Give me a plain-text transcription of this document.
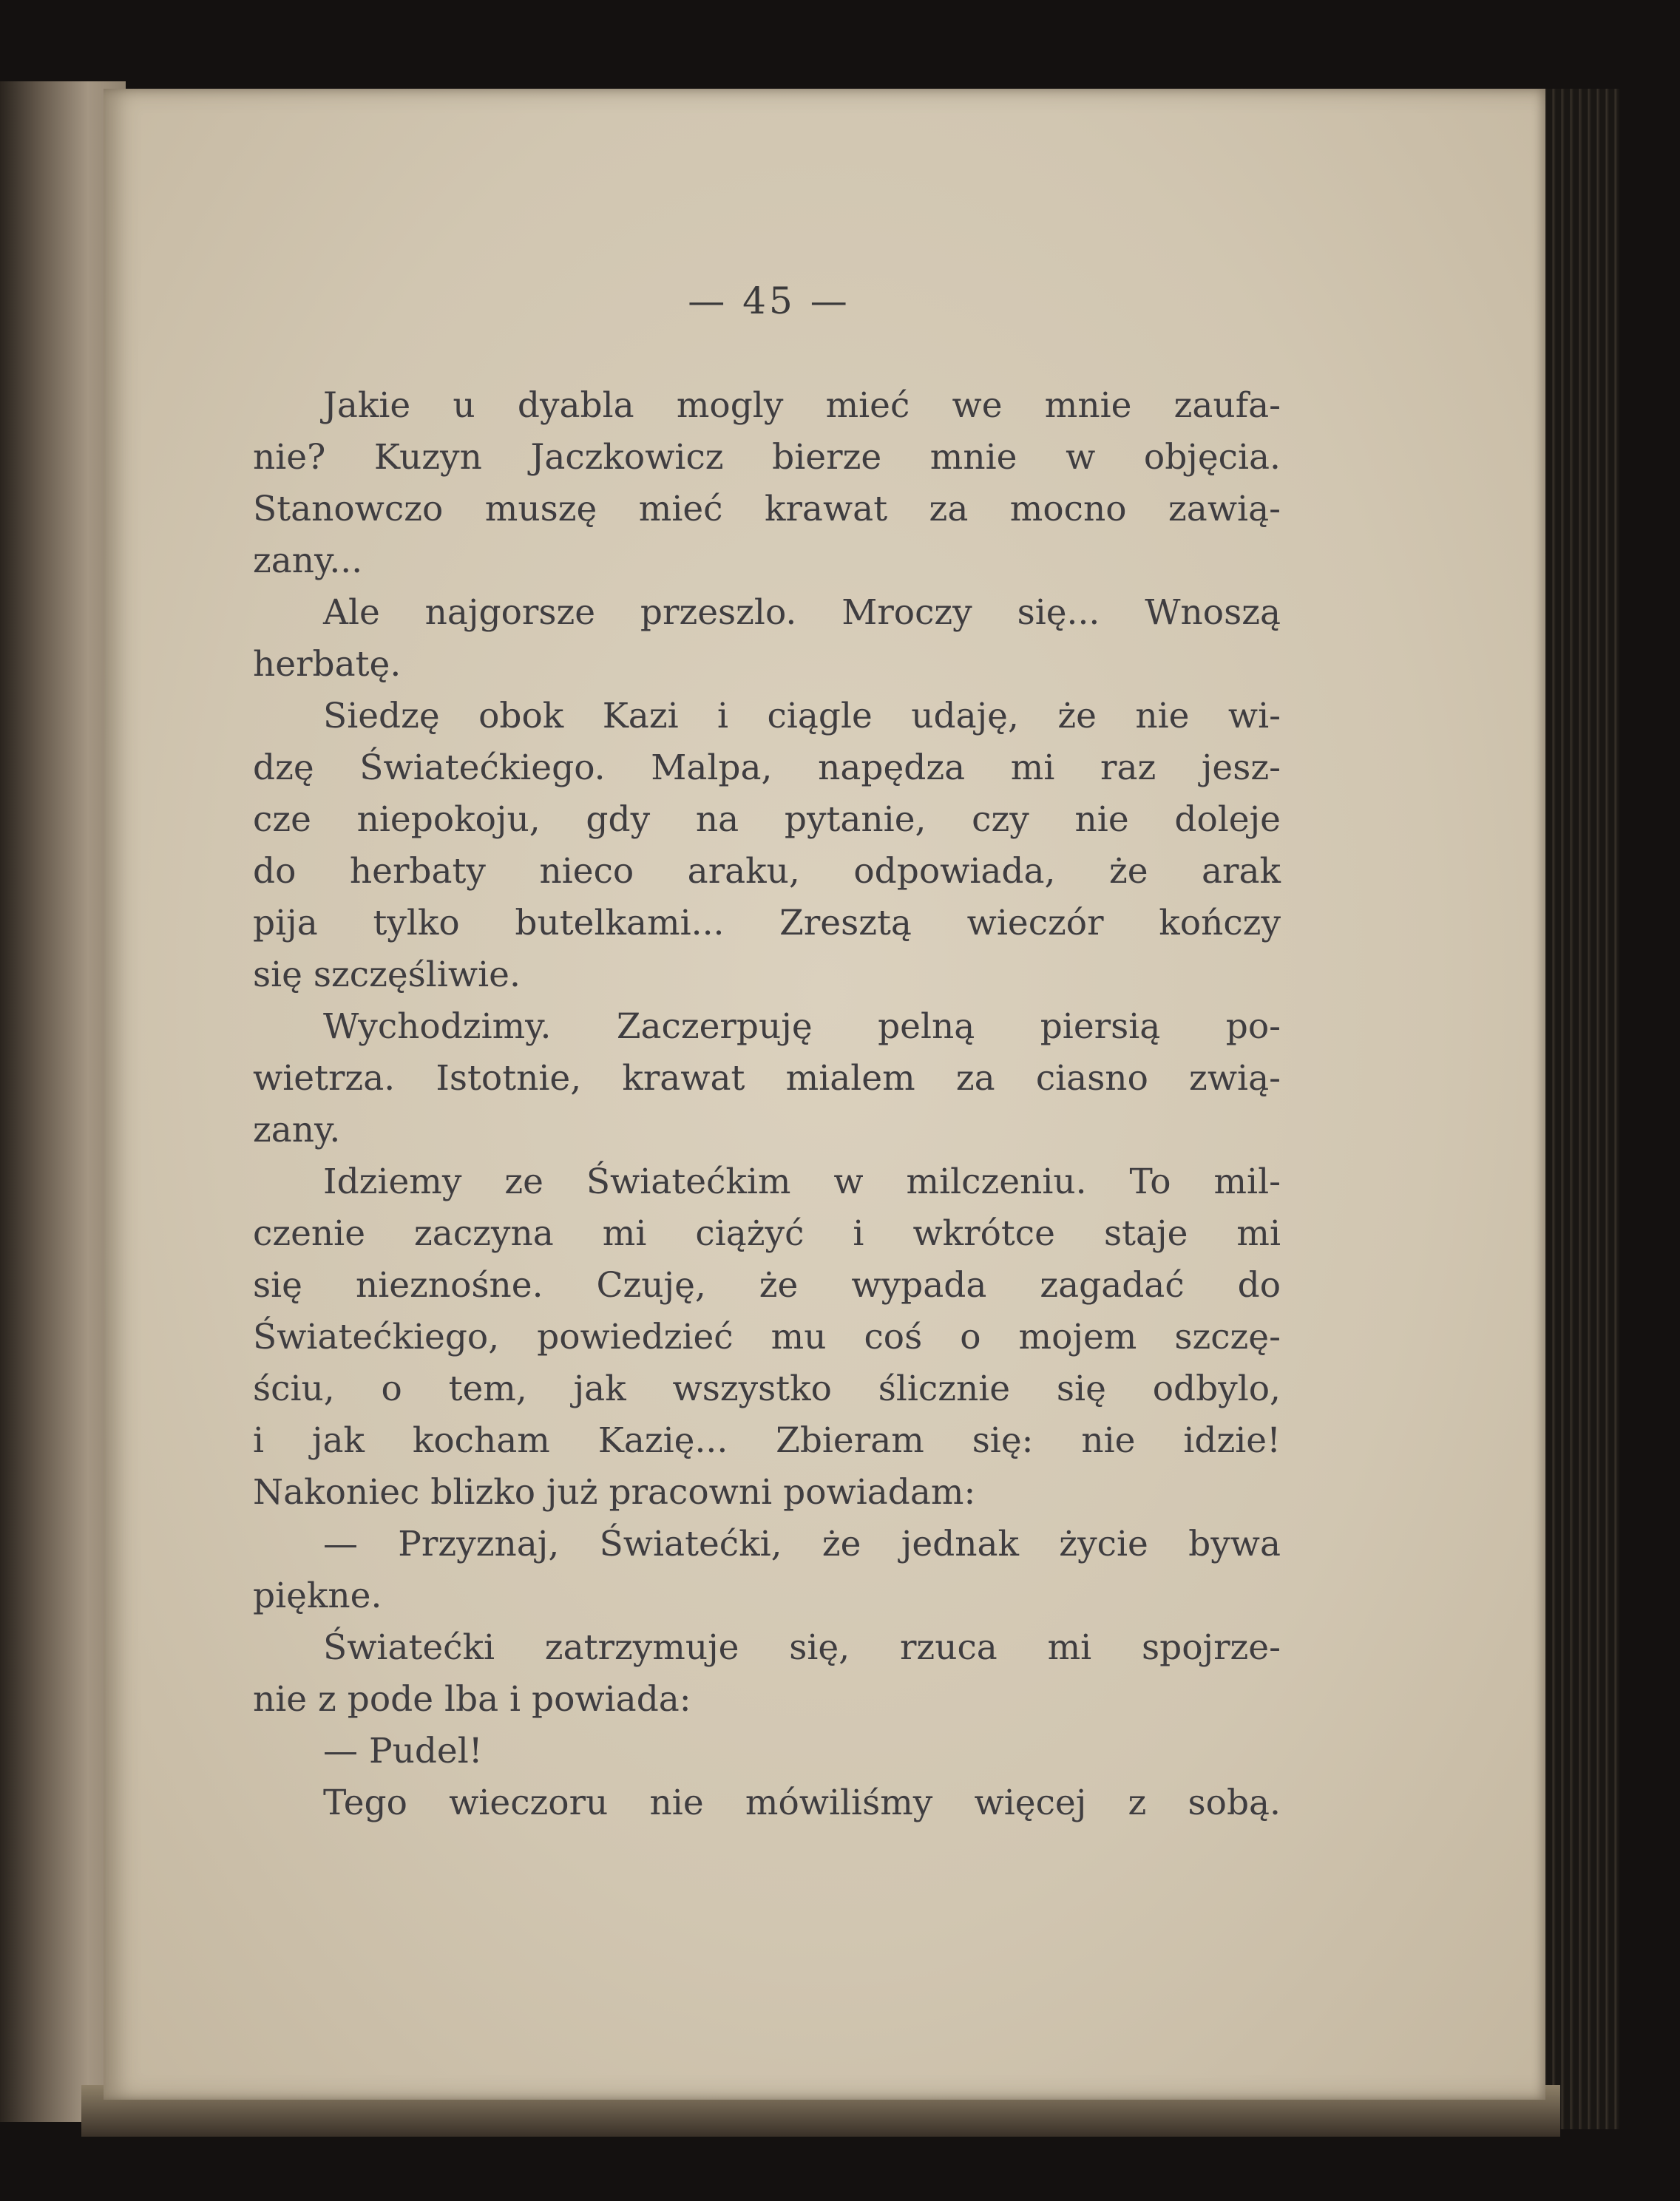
— 45 —
Jakie u dyabla mogly mieć we mnie zaufa-
nie? Kuzyn Jaczkowicz bierze mnie w objęcia.
Stanowczo muszę mieć krawat za mocno zawią-
zany...
Ale najgorsze przeszlo. Mroczy się... Wnoszą
herbatę.
Siedzę obok Kazi i ciągle udaję, że nie wi-
dzę Światećkiego. Malpa, napędza mi raz jesz-
cze niepokoju, gdy na pytanie, czy nie doleje
do herbaty nieco araku, odpowiada, że arak
pija tylko butelkami... Zresztą wieczór kończy
się szczęśliwie.
Wychodzimy. Zaczerpuję pelną piersią po-
wietrza. Istotnie, krawat mialem za ciasno zwią-
zany.
Idziemy ze Światećkim w milczeniu. To mil-
czenie zaczyna mi ciążyć i wkrótce staje mi
się nieznośne. Czuję, że wypada zagadać do
Światećkiego, powiedzieć mu coś o mojem szczę-
ściu, o tem, jak wszystko ślicznie się odbylo,
i jak kocham Kazię... Zbieram się: nie idzie!
Nakoniec blizko już pracowni powiadam:
— Przyznaj, Światećki, że jednak życie bywa
piękne.
Światećki zatrzymuje się, rzuca mi spojrze-
nie z pode lba i powiada:
— Pudel!
Tego wieczoru nie mówiliśmy więcej z sobą.
